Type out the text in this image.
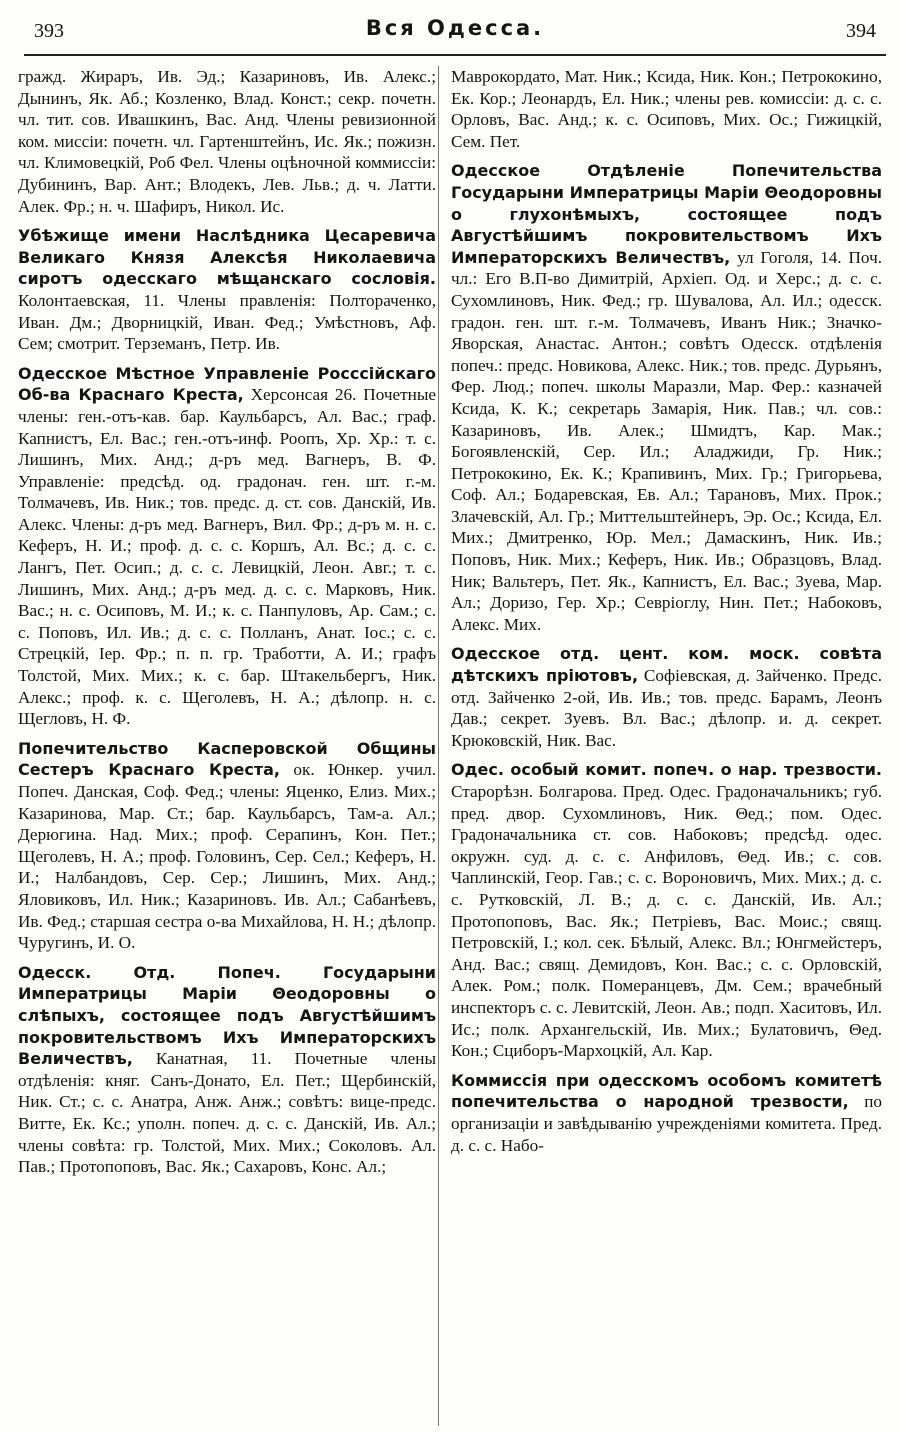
393	Вся Одесса.	394

гражд. Жираръ, Ив. Эд.; Казариновъ, Ив. Алекс.; Дынинъ, Як. Аб.; Козленко, Влад. Конст.; секр. почетн. чл. тит. сов. Ивашкинъ, Вас. Анд. Члены ревизионной ком. миссiи: почетн. чл. Гартенштейнъ, Ис. Як.; пожизн. чл. Климовецкiй, Роб Фел. Члены оцѣночной коммиссiи: Дубининъ, Вар. Ант.; Влодекъ, Лев. Льв.; д. ч. Латти. Алек. Фр.; н. ч. Шафиръ, Никол. Ис.

Убѣжище имени Наслѣдника Цесаревича Великаго Князя Алексѣя Николаевича сиротъ одесскаго мѣщанскаго сословiя. Колонтаевская, 11. Члены правленiя: Полтораченко, Иван. Дм.; Дворницкiй, Иван. Фед.; Умѣстновъ, Аф. Сем; смотрит. Терземанъ, Петр. Ив.

Одесское Мѣстное Управленiе Росссiйскаго Об-ва Краснаго Креста, Херсонсая 26. Почетные члены: ген.-отъ-кав. бар. Каульбарсъ, Ал. Вас.; граф. Капнистъ, Ел. Вас.; ген.-отъ-инф. Роопъ, Хр. Хр.: т. с. Лишинъ, Мих. Анд.; д-ръ мед. Вагнеръ, В. Ф. Управленiе: предсѣд. од. градонач. ген. шт. г.-м. Толмачевъ, Ив. Ник.; тов. предс. д. ст. сов. Данскiй, Ив. Алекс. Члены: д-ръ мед. Вагнеръ, Вил. Фр.; д-ръ м. н. с. Кеферъ, Н. И.; проф. д. с. с. Коршъ, Ал. Вс.; д. с. с. Лангъ, Пет. Осип.; д. с. с. Левицкiй, Леон. Авг.; т. с. Лишинъ, Мих. Анд.; д-ръ мед. д. с. с. Марковъ, Ник. Вас.; н. с. Осиповъ, М. И.; к. с. Панпуловъ, Ар. Сам.; с. с. Поповъ, Ил. Ив.; д. с. с. Полланъ, Анат. Iос.; с. с. Стрецкiй, Iер. Фр.; п. п. гр. Тработти, А. И.; графъ Толстой, Мих. Мих.; к. с. бар. Штакельбергъ, Ник. Алекс.; проф. к. с. Щеголевъ, Н. А.; дѣлопр. н. с. Щегловъ, Н. Ф.

Попечительство Касперовской Общины Сестеръ Краснаго Креста, ок. Юнкер. учил. Попеч. Данская, Соф. Фед.; члены: Яценко, Елиз. Мих.; Казаринова, Мар. Ст.; бар. Каульбарсъ, Там-а. Ал.; Дерюгина. Над. Мих.; проф. Серапинъ, Кон. Пет.; Щеголевъ, Н. А.; проф. Головинъ, Сер. Сел.; Кеферъ, Н. И.; Налбандовъ, Сер. Сер.; Лишинъ, Мих. Анд.; Яловиковъ, Ил. Ник.; Казариновъ. Ив. Ал.; Сабанѣевъ, Ив. Фед.; старшая сестра о-ва Михайлова, Н. Н.; дѣлопр. Чуругинъ, И. О.

Одесск. Отд. Попеч. Государыни Императрицы Марiи Θеодоровны о слѣпыхъ, состоящее подъ Августѣйшимъ покровительствомъ Ихъ Императорскихъ Величествъ, Канатная, 11. Почетные члены отдѣленiя: княг. Санъ-Донато, Ел. Пет.; Щербинскiй, Ник. Ст.; с. с. Анатра, Анж. Анж.; совѣтъ: вице-предс. Витте, Ек. Кс.; уполн. попеч. д. с. с. Данскiй, Ив. Ал.; члены совѣта: гр. Толстой, Мих. Мих.; Соколовъ. Ал. Пав.; Протопоповъ, Вас. Як.; Сахаровъ, Конс. Ал.;

Маврокордато, Мат. Ник.; Ксида, Ник. Кон.; Петрококино, Ек. Кор.; Леонардъ, Ел. Ник.; члены рев. комиссiи: д. с. с. Орловъ, Вас. Анд.; к. с. Осиповъ, Мих. Ос.; Гижицкiй, Сем. Пет.

Одесское Отдѣленiе Попечительства Государыни Императрицы Марiи Θеодоровны о глухонѣмыхъ, состоящее подъ Августѣйшимъ покровительствомъ Ихъ Императорскихъ Величествъ, ул Гоголя, 14. Поч. чл.: Его В.П-во Димитрiй, Архiеп. Од. и Херс.; д. с. с. Сухомлиновъ, Ник. Фед.; гр. Шувалова, Ал. Ил.; одесск. градон. ген. шт. г.-м. Толмачевъ, Иванъ Ник.; Значко-Яворская, Анастас. Антон.; совѣтъ Одесск. отдѣленiя попеч.: предс. Новикова, Алекс. Ник.; тов. предс. Дурьянъ, Фер. Люд.; попеч. школы Маразли, Мар. Фер.: казначей Ксида, К. К.; секретарь Замарiя, Ник. Пав.; чл. сов.: Казариновъ, Ив. Алек.; Шмидтъ, Кар. Мак.; Богоявленскiй, Сер. Ил.; Аладжиди, Гр. Ник.; Петрококино, Ек. К.; Крапивинъ, Мих. Гр.; Григорьева, Соф. Ал.; Бодаревская, Ев. Ал.; Тарановъ, Мих. Прок.; Злачевскiй, Ал. Гр.; Миттельштейнеръ, Эр. Ос.; Ксида, Ел. Мих.; Дмитренко, Юр. Мел.; Дамаскинъ, Ник. Ив.; Поповъ, Ник. Мих.; Кеферъ, Ник. Ив.; Образцовъ, Влад. Ник; Вальтеръ, Пет. Як., Капнистъ, Ел. Вас.; Зуева, Мар. Ал.; Доризо, Гер. Хр.; Севрiоглу, Нин. Пет.; Набоковъ, Алекс. Мих.

Одесское отд. цент. ком. моск. совѣта дѣтскихъ прiютовъ, Софiевская, д. Зайченко. Предс. отд. Зайченко 2-ой, Ив. Ив.; тов. предс. Барамъ, Леонъ Дав.; секрет. Зуевъ. Вл. Вас.; дѣлопр. и. д. секрет. Крюковскiй, Ник. Вас.

Одес. особый комит. попеч. о нар. трезвости. Старорѣзн. Болгарова. Пред. Одес. Градоначальникъ; губ. пред. двор. Сухомлиновъ, Ник. Θед.; пом. Одес. Градоначальника ст. сов. Набоковъ; предсѣд. одес. окружн. суд. д. с. с. Анфиловъ, Θед. Ив.; с. сов. Чаплинскiй, Геор. Гав.; с. с. Вороновичъ, Мих. Мих.; д. с. с. Рутковскiй, Л. В.; д. с. с. Данскiй, Ив. Ал.; Протопоповъ, Вас. Як.; Петрiевъ, Вас. Моис.; свящ. Петровскiй, I.; кол. сек. Бѣлый, Алекс. Вл.; Юнгмейстеръ, Анд. Вас.; свящ. Демидовъ, Кон. Вас.; с. с. Орловскiй, Алек. Ром.; полк. Померанцевъ, Дм. Сем.; врачебный инспекторъ с. с. Левитскiй, Леон. Ав.; подп. Хаситовъ, Ил. Ис.; полк. Архангельскiй, Ив. Мих.; Булатовичъ, Θед. Кон.; Сциборъ-Мархоцкiй, Ал. Кар.

Коммиссiя при одесскомъ особомъ комитетѣ попечительства о народной трезвости, по организацiи и завѣдыванiю учрежденiями комитета. Пред. д. с. с. Набо-
